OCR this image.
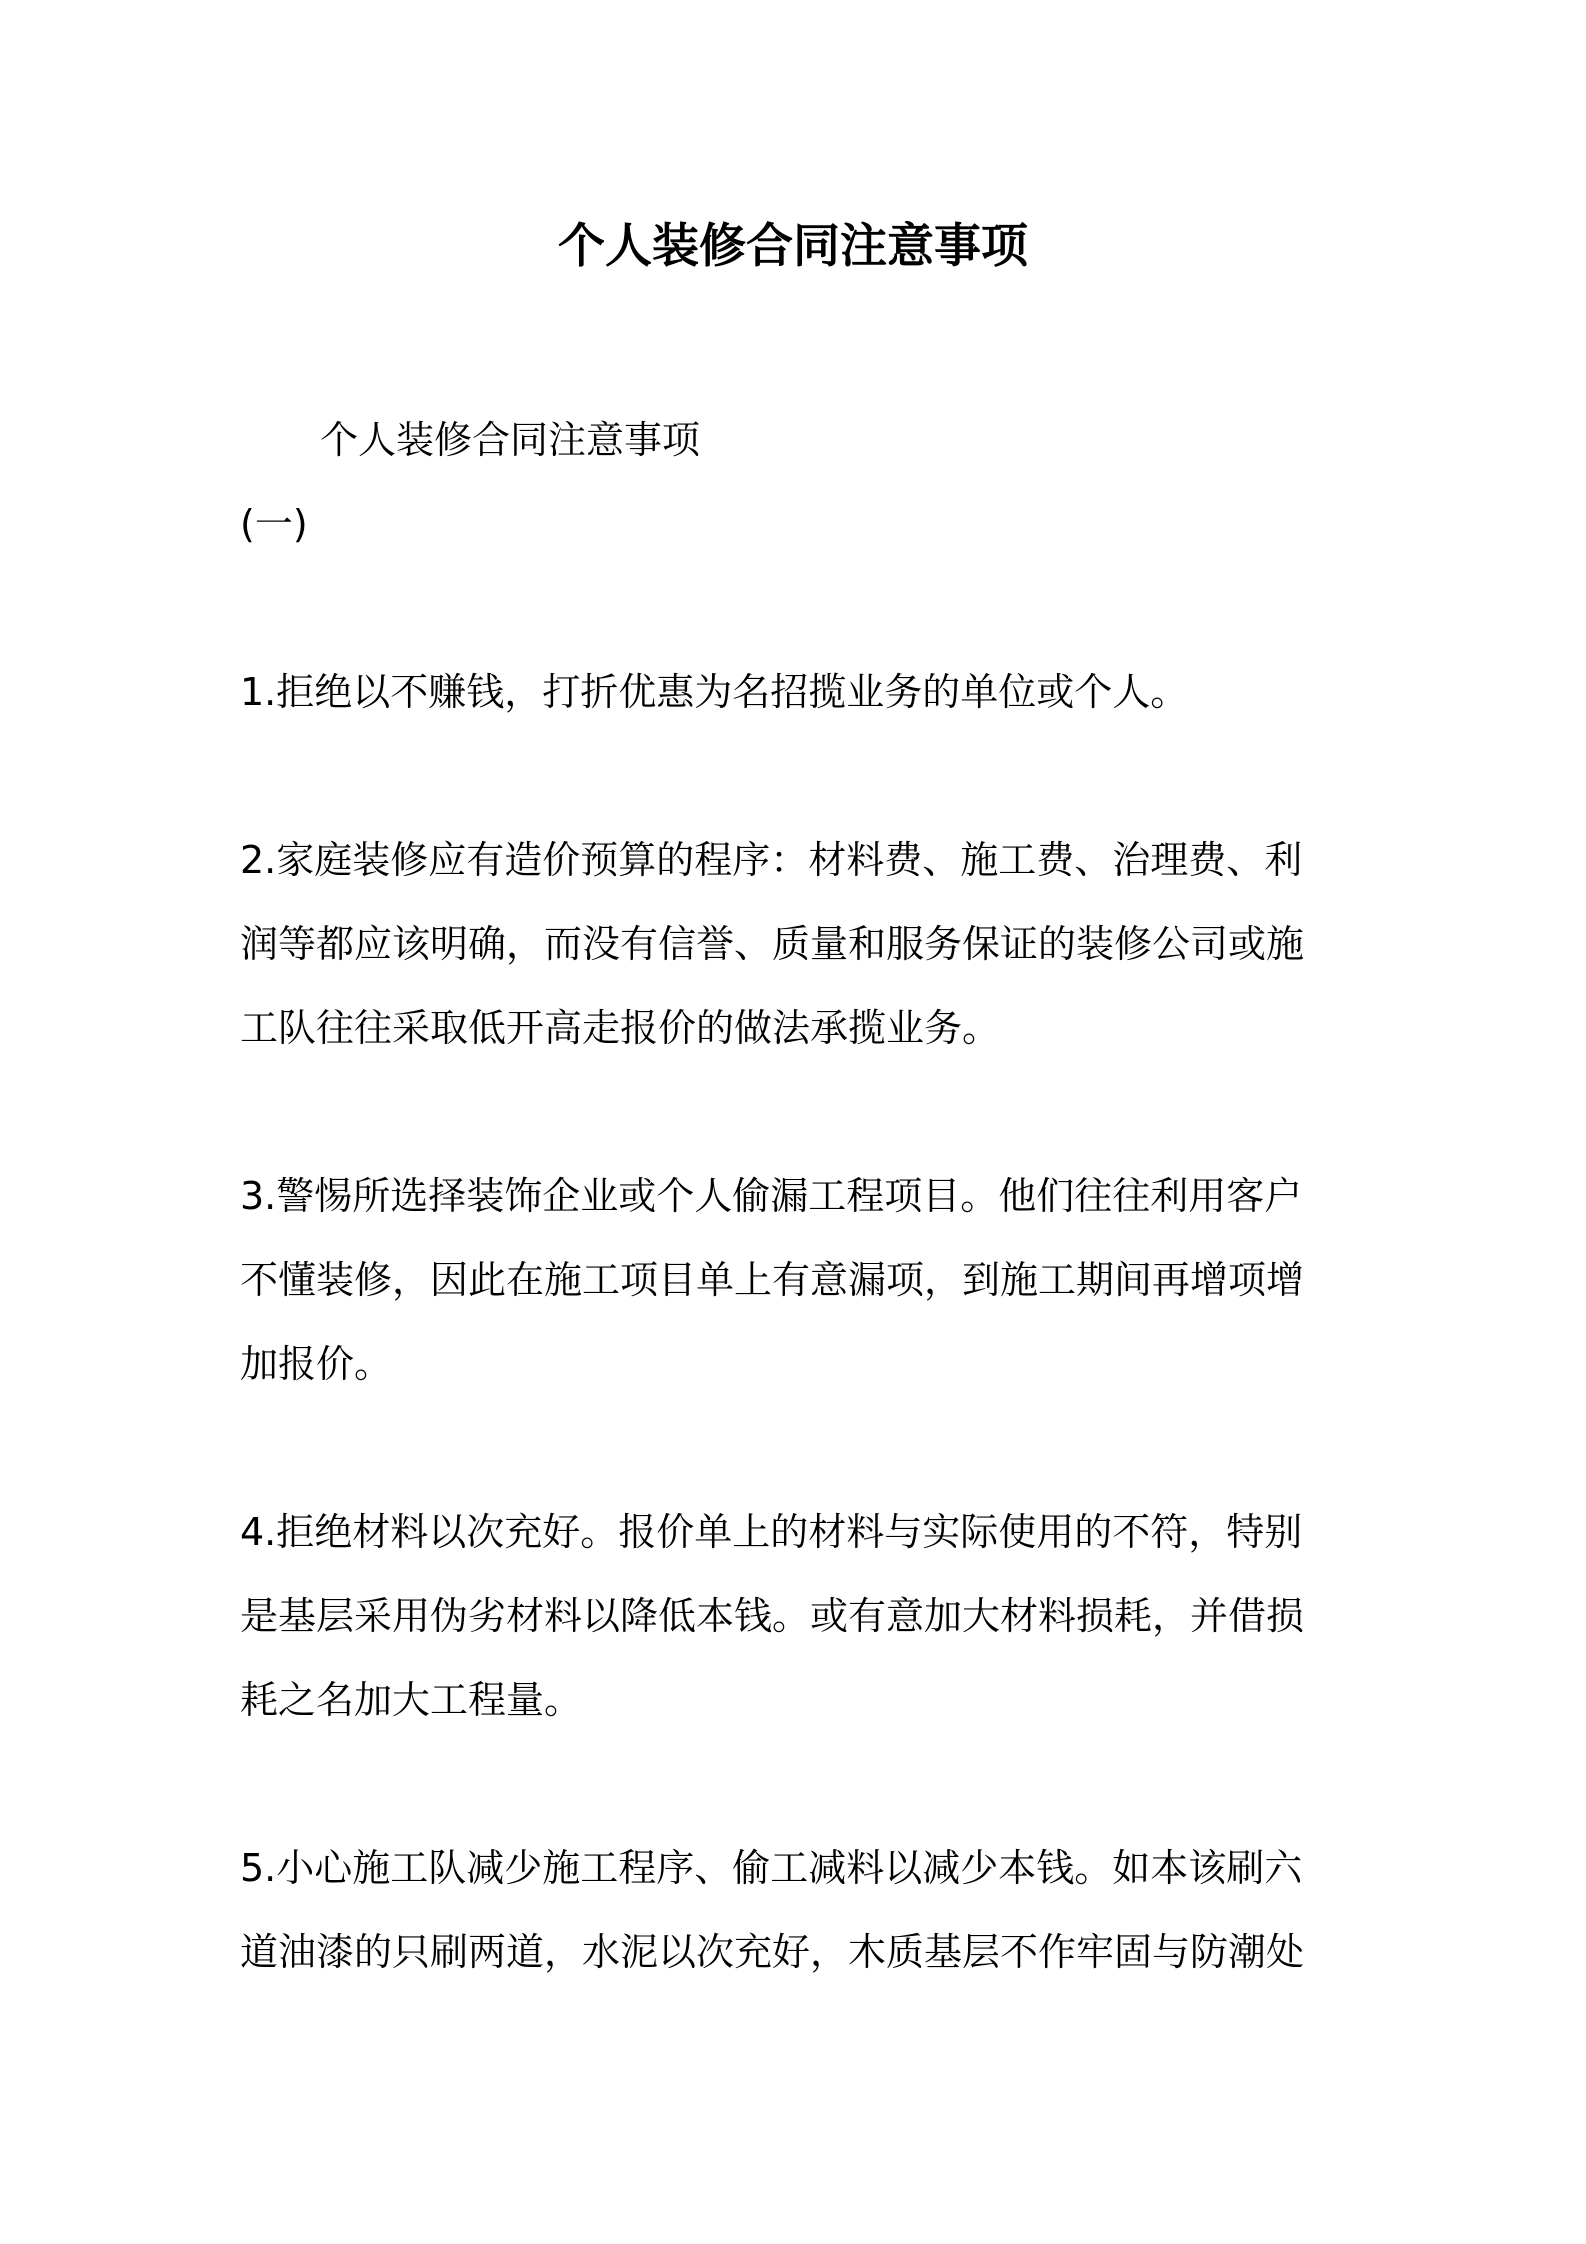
个人装修合同注意事项

个人装修合同注意事项

(一)

1.拒绝以不赚钱，打折优惠为名招揽业务的单位或个人。

2.家庭装修应有造价预算的程序：材料费、施工费、治理费、利
润等都应该明确，而没有信誉、质量和服务保证的装修公司或施
工队往往采取低开高走报价的做法承揽业务。

3.警惕所选择装饰企业或个人偷漏工程项目。他们往往利用客户
不懂装修，因此在施工项目单上有意漏项，到施工期间再增项增
加报价。

4.拒绝材料以次充好。报价单上的材料与实际使用的不符，特别
是基层采用伪劣材料以降低本钱。或有意加大材料损耗，并借损
耗之名加大工程量。

5.小心施工队减少施工程序、偷工减料以减少本钱。如本该刷六
道油漆的只刷两道，水泥以次充好，木质基层不作牢固与防潮处
